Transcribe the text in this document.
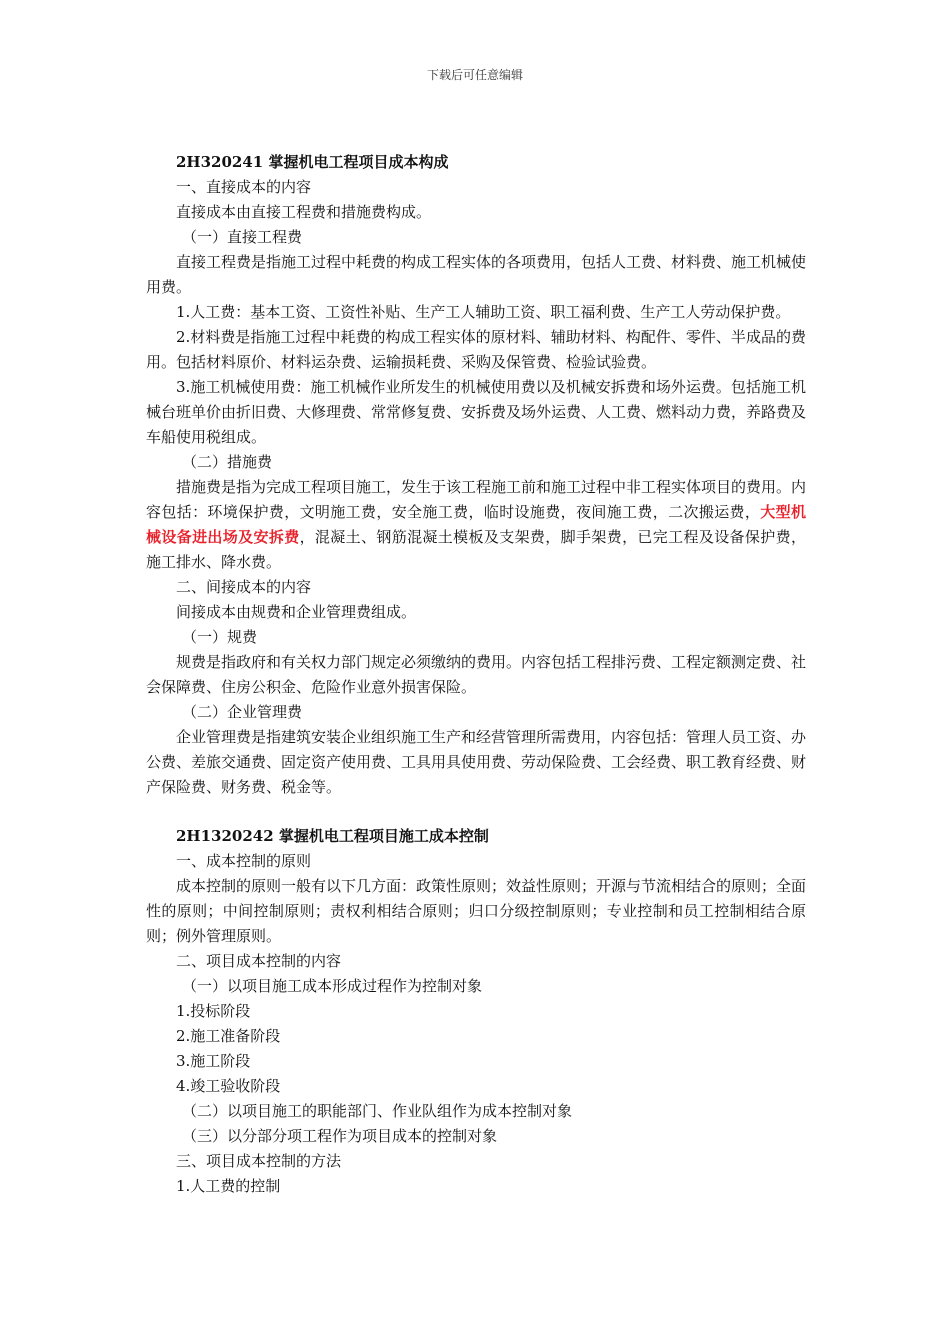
下载后可任意编辑

2H320241 掌握机电工程项目成本构成

一、直接成本的内容

直接成本由直接工程费和措施费构成。

（一）直接工程费

直接工程费是指施工过程中耗费的构成工程实体的各项费用，包括人工费、材料费、施工机械使用费。

1.人工费：基本工资、工资性补贴、生产工人辅助工资、职工福利费、生产工人劳动保护费。

2.材料费是指施工过程中耗费的构成工程实体的原材料、辅助材料、构配件、零件、半成品的费用。包括材料原价、材料运杂费、运输损耗费、采购及保管费、检验试验费。

3.施工机械使用费：施工机械作业所发生的机械使用费以及机械安拆费和场外运费。包括施工机械台班单价由折旧费、大修理费、常常修复费、安拆费及场外运费、人工费、燃料动力费，养路费及车船使用税组成。

（二）措施费

措施费是指为完成工程项目施工，发生于该工程施工前和施工过程中非工程实体项目的费用。内容包括：环境保护费，文明施工费，安全施工费，临时设施费，夜间施工费，二次搬运费，大型机械设备进出场及安拆费，混凝土、钢筋混凝土模板及支架费，脚手架费，已完工程及设备保护费，施工排水、降水费。

二、间接成本的内容

间接成本由规费和企业管理费组成。

（一）规费

规费是指政府和有关权力部门规定必须缴纳的费用。内容包括工程排污费、工程定额测定费、社会保障费、住房公积金、危险作业意外损害保险。

（二）企业管理费

企业管理费是指建筑安装企业组织施工生产和经营管理所需费用，内容包括：管理人员工资、办公费、差旅交通费、固定资产使用费、工具用具使用费、劳动保险费、工会经费、职工教育经费、财产保险费、财务费、税金等。

2H1320242 掌握机电工程项目施工成本控制

一、成本控制的原则

成本控制的原则一般有以下几方面：政策性原则；效益性原则；开源与节流相结合的原则；全面性的原则；中间控制原则；责权利相结合原则；归口分级控制原则；专业控制和员工控制相结合原则；例外管理原则。

二、项目成本控制的内容

（一）以项目施工成本形成过程作为控制对象

1.投标阶段

2.施工准备阶段

3.施工阶段

4.竣工验收阶段

（二）以项目施工的职能部门、作业队组作为成本控制对象

（三）以分部分项工程作为项目成本的控制对象

三、项目成本控制的方法

1.人工费的控制
